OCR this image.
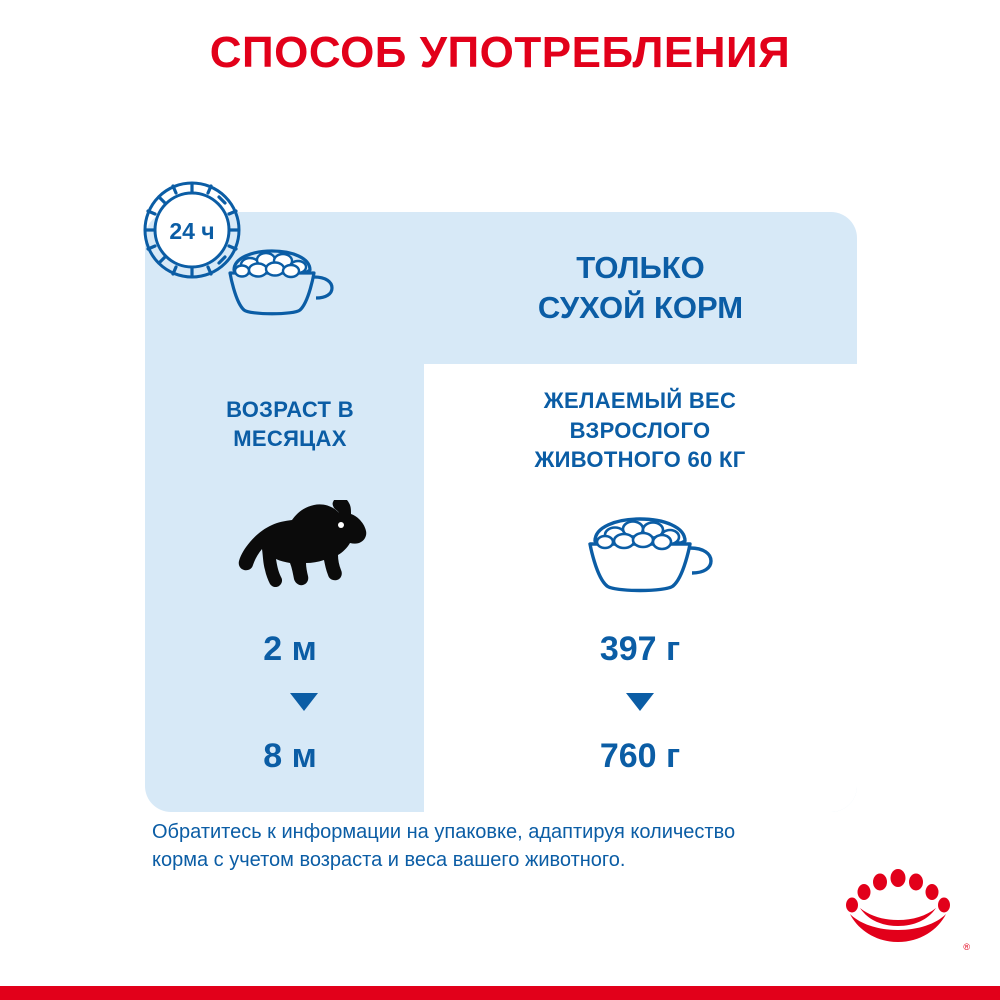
СПОСОБ УПОТРЕБЛЕНИЯ
ТОЛЬКО
СУХОЙ КОРМ
24 ч
ВОЗРАСТ В
МЕСЯЦАХ
ЖЕЛАЕМЫЙ ВЕС
ВЗРОСЛОГО
ЖИВОТНОГО 60 КГ
2 м
8 м
397 г
760 г
Обратитесь к информации на упаковке, адаптируя количество корма с учетом возраста и веса вашего животного.
®
